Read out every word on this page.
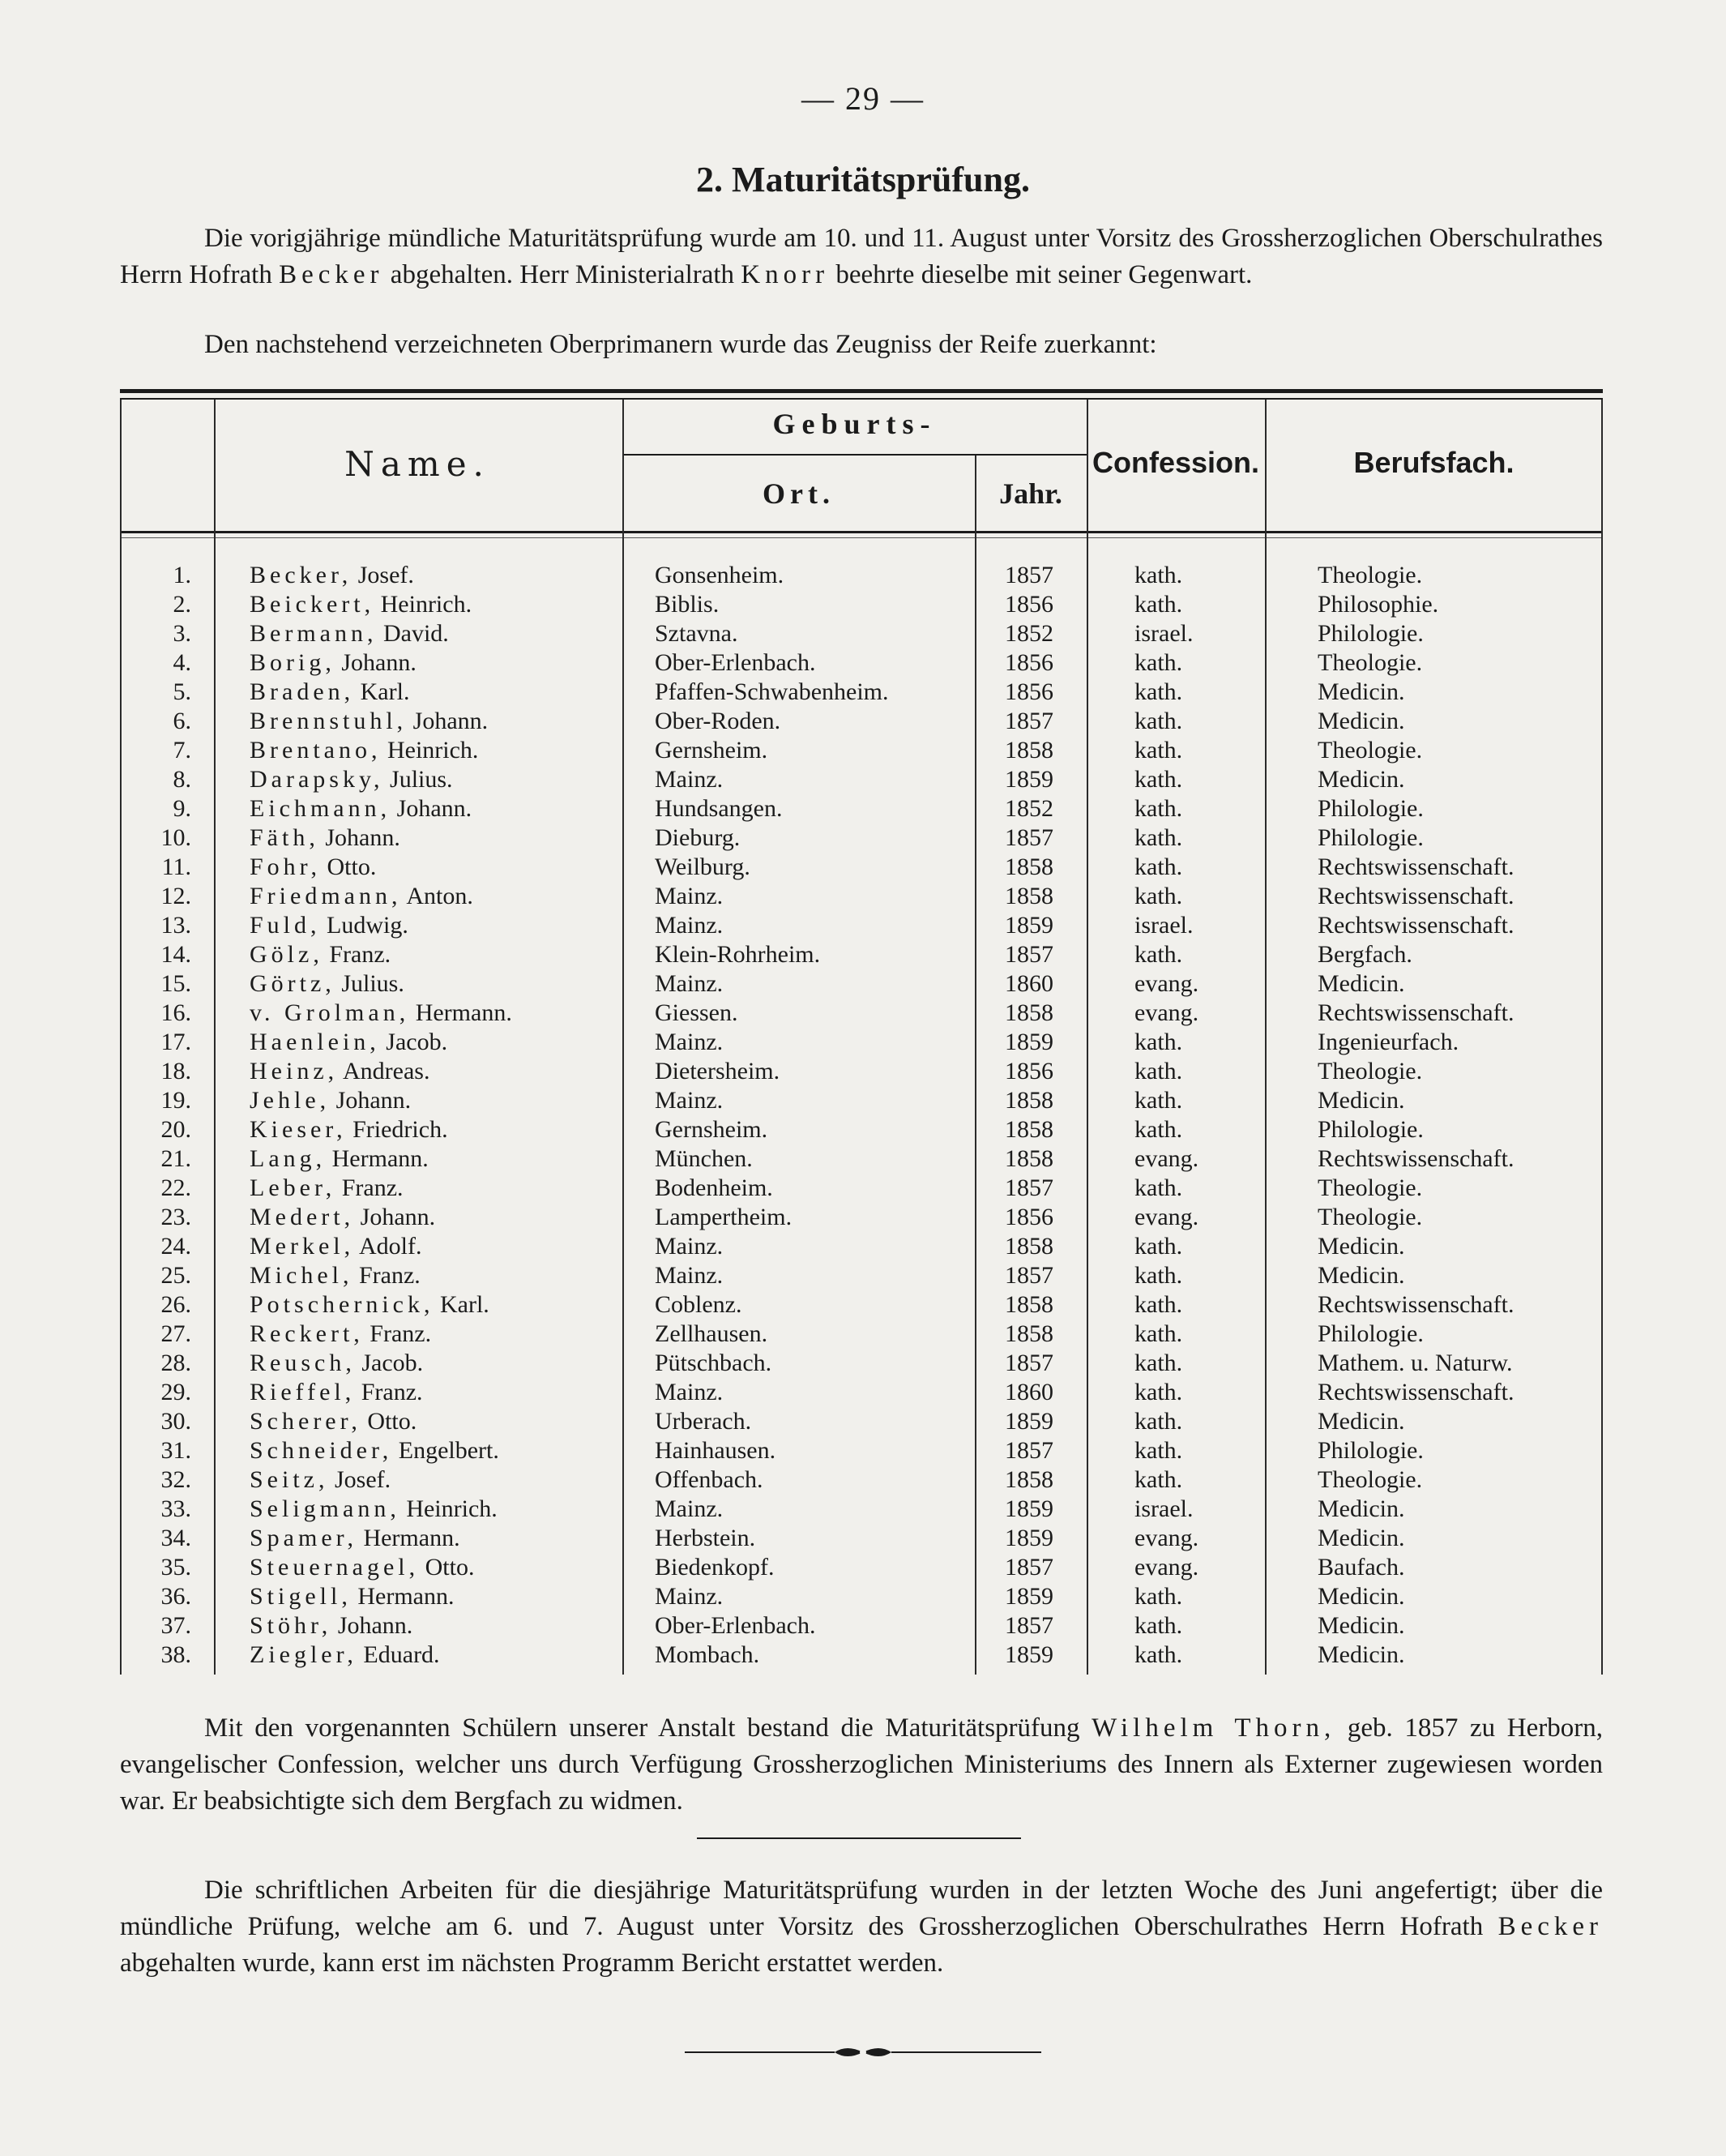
— 29 —
2. Maturitätsprüfung.
Die vorigjährige mündliche Maturitätsprüfung wurde am 10. und 11. August unter Vorsitz des Grossherzoglichen Oberschulrathes Herrn Hofrath Becker abgehalten. Herr Ministerialrath Knorr beehrte dieselbe mit seiner Gegenwart.
Den nachstehend verzeichneten Oberprimanern wurde das Zeugniss der Reife zuerkannt:
Name.
Geburts-
Ort.	Jahr.
Confession.	Berufsfach.
1. Becker, Josef.	Gonsenheim.	1857	kath.	Theologie.
2. Beickert, Heinrich.	Biblis.	1856	kath.	Philosophie.
3. Bermann, David.	Sztavna.	1852	israel.	Philologie.
4. Borig, Johann.	Ober-Erlenbach.	1856	kath.	Theologie.
5. Braden, Karl.	Pfaffen-Schwabenheim.	1856	kath.	Medicin.
6. Brennstuhl, Johann.	Ober-Roden.	1857	kath.	Medicin.
7. Brentano, Heinrich.	Gernsheim.	1858	kath.	Theologie.
8. Darapsky, Julius.	Mainz.	1859	kath.	Medicin.
9. Eichmann, Johann.	Hundsangen.	1852	kath.	Philologie.
10. Fäth, Johann.	Dieburg.	1857	kath.	Philologie.
11. Fohr, Otto.	Weilburg.	1858	kath.	Rechtswissenschaft.
12. Friedmann, Anton.	Mainz.	1858	kath.	Rechtswissenschaft.
13. Fuld, Ludwig.	Mainz.	1859	israel.	Rechtswissenschaft.
14. Gölz, Franz.	Klein-Rohrheim.	1857	kath.	Bergfach.
15. Görtz, Julius.	Mainz.	1860	evang.	Medicin.
16. v. Grolman, Hermann.	Giessen.	1858	evang.	Rechtswissenschaft.
17. Haenlein, Jacob.	Mainz.	1859	kath.	Ingenieurfach.
18. Heinz, Andreas.	Dietersheim.	1856	kath.	Theologie.
19. Jehle, Johann.	Mainz.	1858	kath.	Medicin.
20. Kieser, Friedrich.	Gernsheim.	1858	kath.	Philologie.
21. Lang, Hermann.	München.	1858	evang.	Rechtswissenschaft.
22. Leber, Franz.	Bodenheim.	1857	kath.	Theologie.
23. Medert, Johann.	Lampertheim.	1856	evang.	Theologie.
24. Merkel, Adolf.	Mainz.	1858	kath.	Medicin.
25. Michel, Franz.	Mainz.	1857	kath.	Medicin.
26. Potschernick, Karl.	Coblenz.	1858	kath.	Rechtswissenschaft.
27. Reckert, Franz.	Zellhausen.	1858	kath.	Philologie.
28. Reusch, Jacob.	Pütschbach.	1857	kath.	Mathem. u. Naturw.
29. Rieffel, Franz.	Mainz.	1860	kath.	Rechtswissenschaft.
30. Scherer, Otto.	Urberach.	1859	kath.	Medicin.
31. Schneider, Engelbert.	Hainhausen.	1857	kath.	Philologie.
32. Seitz, Josef.	Offenbach.	1858	kath.	Theologie.
33. Seligmann, Heinrich.	Mainz.	1859	israel.	Medicin.
34. Spamer, Hermann.	Herbstein.	1859	evang.	Medicin.
35. Steuernagel, Otto.	Biedenkopf.	1857	evang.	Baufach.
36. Stigell, Hermann.	Mainz.	1859	kath.	Medicin.
37. Stöhr, Johann.	Ober-Erlenbach.	1857	kath.	Medicin.
38. Ziegler, Eduard.	Mombach.	1859	kath.	Medicin.
Mit den vorgenannten Schülern unserer Anstalt bestand die Maturitätsprüfung Wilhelm Thorn, geb. 1857 zu Herborn, evangelischer Confession, welcher uns durch Verfügung Grossherzoglichen Ministeriums des Innern als Externer zugewiesen worden war. Er beabsichtigte sich dem Bergfach zu widmen.
Die schriftlichen Arbeiten für die diesjährige Maturitätsprüfung wurden in der letzten Woche des Juni angefertigt; über die mündliche Prüfung, welche am 6. und 7. August unter Vorsitz des Grossherzoglichen Oberschulrathes Herrn Hofrath Becker abgehalten wurde, kann erst im nächsten Programm Bericht erstattet werden.
